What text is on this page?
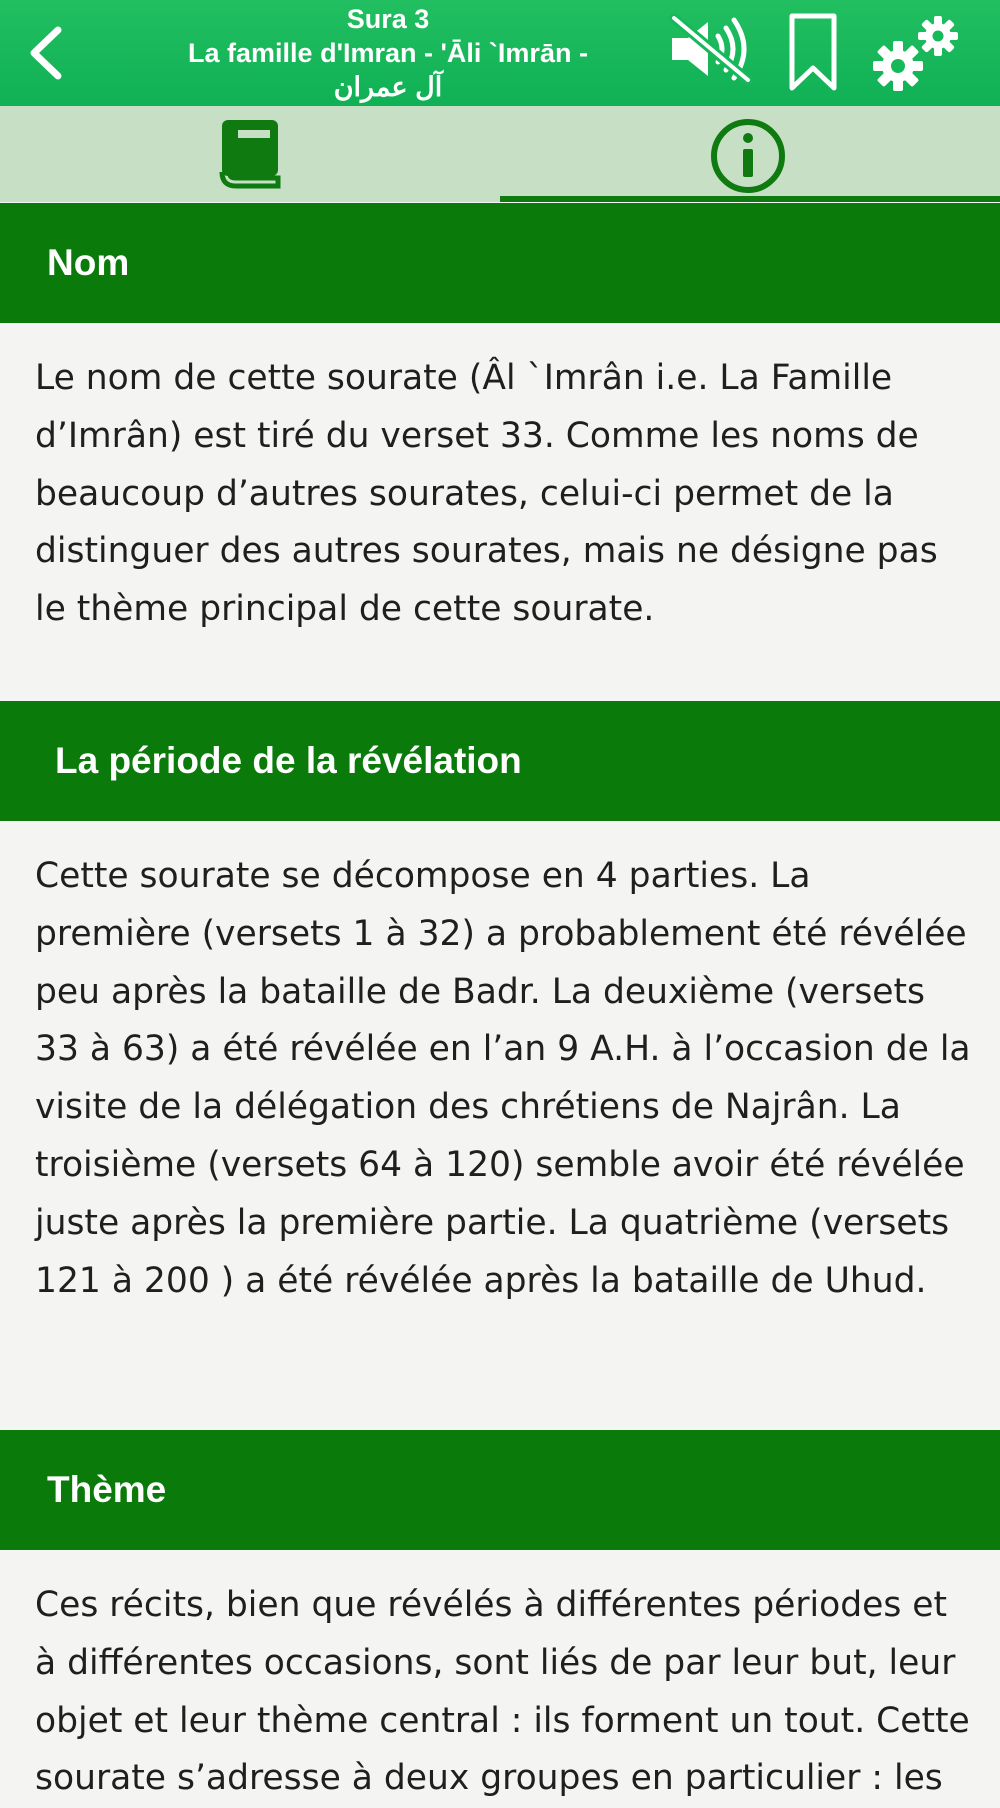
Sura 3
La famille d'Imran - 'Āli `Imrān -
آل عمران
Nom

Le nom de cette sourate (Âl `Imrân i.e. La Famille d’Imrân) est tiré du verset 33. Comme les noms de beaucoup d’autres sourates, celui-ci permet de la distinguer des autres sourates, mais ne désigne pas le thème principal de cette sourate.

La période de la révélation

Cette sourate se décompose en 4 parties. La première (versets 1 à 32) a probablement été révélée peu après la bataille de Badr. La deuxième (versets 33 à 63) a été révélée en l’an 9 A.H. à l’occasion de la visite de la délégation des chrétiens de Najrân. La troisième (versets 64 à 120) semble avoir été révélée juste après la première partie. La quatrième (versets 121 à 200 ) a été révélée après la bataille de Uhud.

Thème

Ces récits, bien que révélés à différentes périodes et à différentes occasions, sont liés de par leur but, leur objet et leur thème central : ils forment un tout. Cette sourate s’adresse à deux groupes en particulier : les
